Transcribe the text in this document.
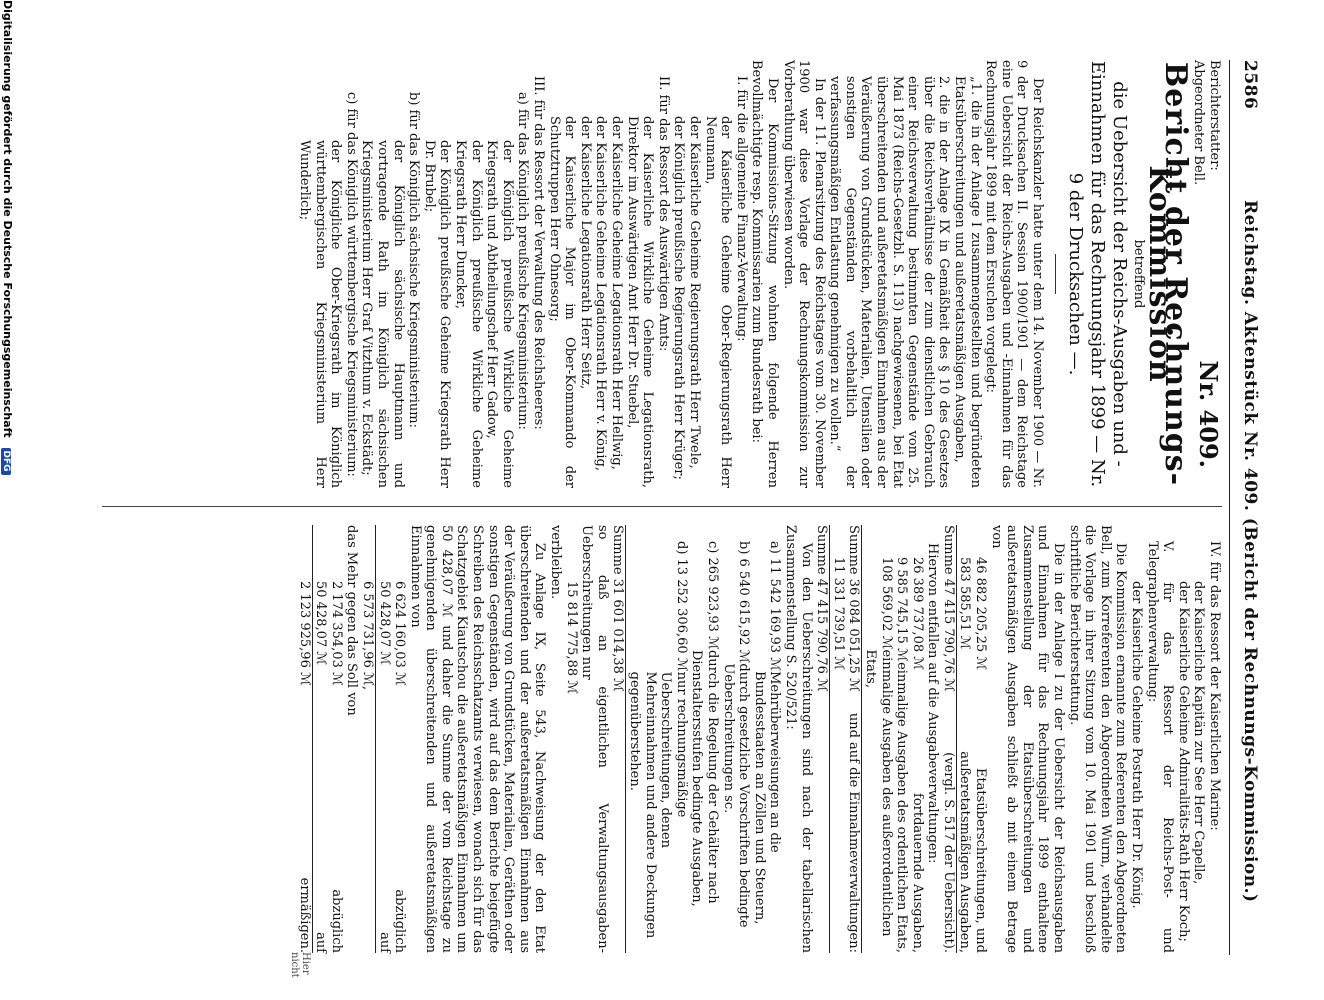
2586
Reichstag. Aktenstück Nr. 409. (Bericht der Rechnungs-Kommission.)
Berichterstatter:
Abgeordneter Bell.
Nr. 409.
Bericht der Rechnungs-Kommission

betreffend

die Uebersicht der Reichs-Ausgaben und -Einnahmen für das Rechnungsjahr 1899 — Nr. 9 der Drucksachen —.

Der Reichskanzler hatte unter dem 14. November 1900 — Nr. 9 der Drucksachen II. Session 1900/1901 — dem Reichstage eine Uebersicht der Reichs-Ausgaben und -Einnahmen für das Rechnungsjahr 1899 mit dem Ersuchen vorgelegt:

„1. die in der Anlage I zusammengestellten und begründeten Etatsüberschreitungen und außeretatsmäßigen Ausgaben,

2. die in der Anlage IX in Gemäßheit des § 10 des Gesetzes über die Reichsverhältnisse der zum dienstlichen Gebrauch einer Reichsverwaltung bestimmten Gegenstände vom 25. Mai 1873 (Reichs-Gesetzbl. S. 113) nachgewiesenen, bei Etat überschreitenden und außeretatsmäßigen Einnahmen aus der Veräußerung von Grundstücken, Materialien, Utensilien oder sonstigen Gegenständen vorbehaltlich der verfassungsmäßigen Entlastung genehmigen zu wollen.“

In der 11. Plenarsitzung des Reichstages vom 30. November 1900 war diese Vorlage der Rechnungskommission zur Vorberathung überwiesen worden.

Der Kommissions-Sitzung wohnten folgende Herren Bevollmächtigte resp. Kommissarien zum Bundesrath bei:

I. für die allgemeine Finanz-Verwaltung:

der Kaiserliche Geheime Ober-Regierungsrath Herr Neumann,

der Kaiserliche Geheime Regierungsrath Herr Twele,

der Königlich preußische Regierungsrath Herr Krüger;

II. für das Ressort des Auswärtigen Amts:

der Kaiserliche Wirkliche Geheime Legationsrath, Direktor im Auswärtigen Amt Herr Dr. Stuebel,

der Kaiserliche Geheime Legationsrath Herr Hellwig,

der Kaiserliche Geheime Legationsrath Herr v. König,

der Kaiserliche Legationsrath Herr Seitz,

der Kaiserliche Major im Ober-Kommando der Schutztruppen Herr Ohnesorg;

III. für das Ressort der Verwaltung des Reichsheeres:

a) für das Königlich preußische Kriegsministerium:

der Königlich preußische Wirkliche Geheime Kriegsrath und Abtheilungschef Herr Gadow,

der Königlich preußische Wirkliche Geheime Kriegsrath Herr Duncker,

der Königlich preußische Geheime Kriegsrath Herr Dr. Brubel;

b) für das Königlich sächsische Kriegsministerium:

der Königlich sächsische Hauptmann und vortragende Rath im Königlich sächsischen Kriegsministerium Herr Graf Vitzthum v. Eckstädt;

c) für das Königlich württembergische Kriegsministerium:

der Königliche Ober-Kriegsrath im Königlich württembergischen Kriegsministerium Herr Wunderlich;

IV. für das Ressort der Kaiserlichen Marine:

der Kaiserliche Kapitän zur See Herr Capelle,

der Kaiserliche Geheime Admiralitäts-Rath Herr Koch;

V. für das Ressort der Reichs-Post- und Telegraphenverwaltung:

der Kaiserliche Geheime Postrath Herr Dr. König.

Die Kommission ernannte zum Referenten den Abgeordneten Bell, zum Korreferenten den Abgeordneten Wurm, verhandelte die Vorlage in ihrer Sitzung vom 10. Mai 1901 und beschloß schriftliche Berichterstattung.

Die in der Anlage I zu der Uebersicht der Reichsausgaben und Einnahmen für das Rechnungsjahr 1899 enthaltene Zusammenstellung der Etatsüberschreitungen und außeretatsmäßigen Ausgaben schließt ab mit einem Betrage von

46 882 205,25 ℳ
Etatsüberschreitungen, und
583 585,51 ℳ
außeretatsmäßigen Ausgaben,
Summe 47 415 790,76 ℳ
(vergl. S. 517 der Uebersicht).

Hiervon entfallen auf die Ausgabeverwaltungen:

26 389 737,08 ℳ
fortdauernde Ausgaben,
9 585 745,15 ℳ
einmalige Ausgaben des ordentlichen Etats,
108 569,02 ℳ
einmalige Ausgaben des außerordentlichen Etats,
Summe 36 084 051,25 ℳ
und auf die Einnahmeverwaltungen:
11 331 739,51 ℳ
Summe 47 415 790,76 ℳ

Von den Ueberschreitungen sind nach der tabellarischen Zusammenstellung S. 520/521:

a) 11 542 169,93 ℳ
Mehrüberweisungen an die Bundesstaaten an Zöllen und Steuern,
b) 6 540 615,92 ℳ
durch gesetzliche Vorschriften bedingte Ueberschreitungen sc.
c) 265 923,93 ℳ
durch die Regelung der Gehälter nach Dienstaltersstufen bedingte Ausgaben,
d) 13 252 306,60 ℳ
nur rechnungsmäßige Ueberschreitungen, denen Mehreinnahmen und andere Deckungen gegenüberstehen.
Summe 31 601 014,38 ℳ

so daß an eigentlichen Verwaltungsausgaben-Ueberschreitungen nur

15 814 775,88 ℳ

verbleiben.

Zu Anlage IX, Seite 543, Nachweisung der den Etat überschreitenden und der außeretatsmäßigen Einnahmen aus der Veräußerung von Grundstücken, Materialien, Geräthen oder sonstigen Gegenständen, wird auf das dem Berichte beigefügte Schreiben des Reichsschatzamts verwiesen, wonach sich für das Schatzgebiet Kiautschou die außeretatsmäßigen Einnahmen um 50 428,07 ℳ und daher die Summe der vom Reichstage zu genehmigenden überschreitenden und außeretatsmäßigen Einnahmen von

6 624 160,03 ℳ
abzüglich
50 428,07 ℳ
auf
6 573 731,96 ℳ,

das Mehr gegen das Soll von

2 174 354,03 ℳ
abzüglich
50 428,07 ℳ
auf
2 123 925,96 ℳ
ermäßigen.
Hier nicht
Digitalisierung gefördert durch die Deutsche Forschungsgemeinschaft DFG
